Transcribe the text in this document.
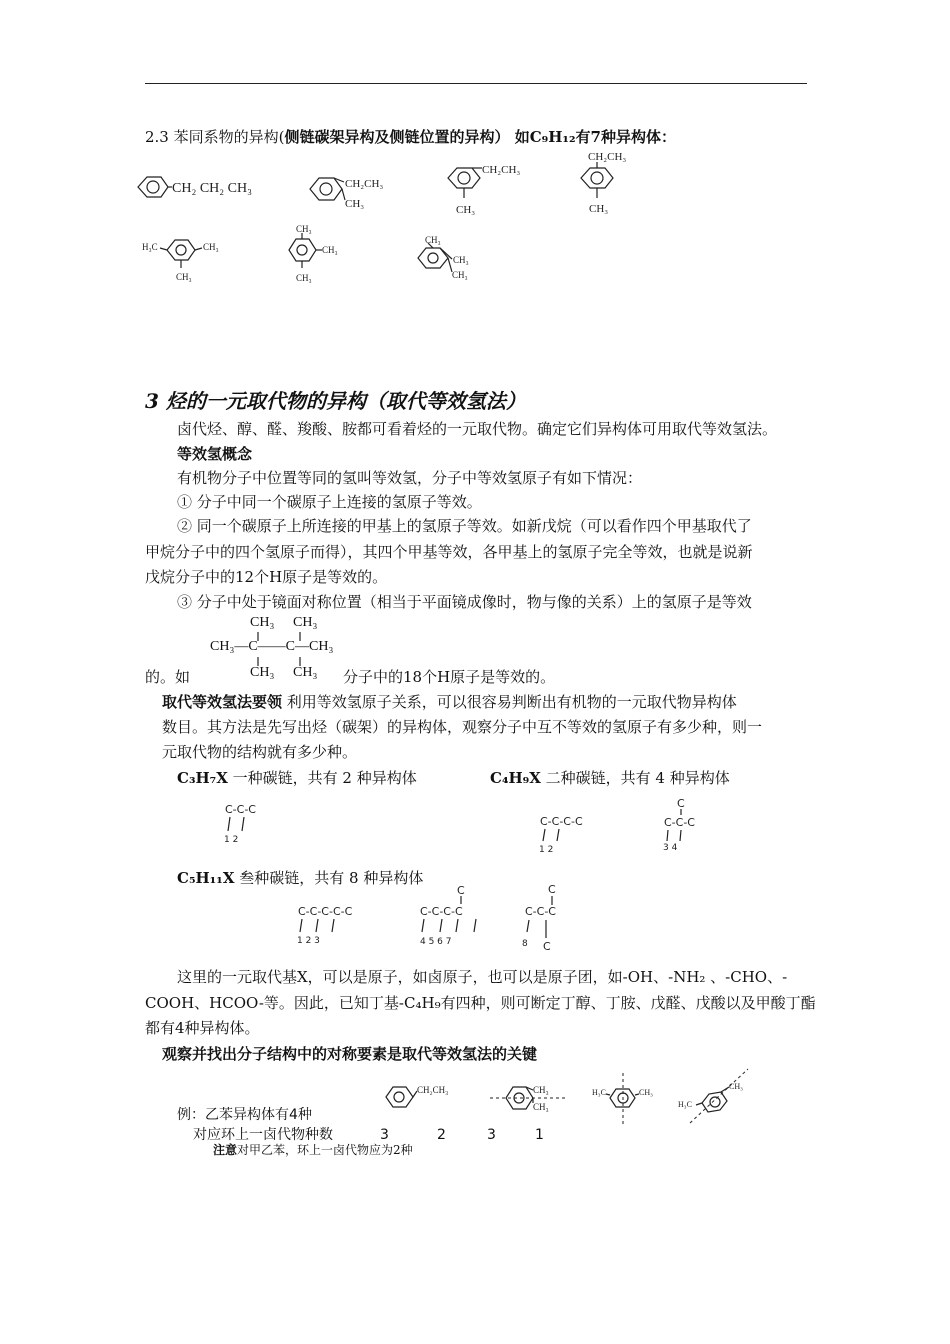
2.3 苯同系物的异构(侧链碳架异构及侧链位置的异构） 如C₉H₁₂有7种异构体：
CH₂ CH₂ CH₃	CH₂CH₃
CH₃
CH₂CH₃
CH₃
CH₂CH₃
CH₃
H₃C	CH₃
CH₃
CH₃
CH₃
CH₃
CH₃
CH₃
CH₃
3 烃的一元取代物的异构（取代等效氢法）
卤代烃、醇、醛、羧酸、胺都可看着烃的一元取代物。确定它们异构体可用取代等效氢法。
等效氢概念
有机物分子中位置等同的氢叫等效氢，分子中等效氢原子有如下情况：
① 分子中同一个碳原子上连接的氢原子等效。
② 同一个碳原子上所连接的甲基上的氢原子等效。如新戊烷（可以看作四个甲基取代了
甲烷分子中的四个氢原子而得），其四个甲基等效，各甲基上的氢原子完全等效，也就是说新
戊烷分子中的12个H原子是等效的。
③ 分子中处于镜面对称位置（相当于平面镜成像时，物与像的关系）上的氢原子是等效
CH₃ CH₃
CH₃—C——C—CH₃
CH₃ CH₃
的。如	分子中的18个H原子是等效的。
取代等效氢法要领 利用等效氢原子关系，可以很容易判断出有机物的一元取代物异构体
数目。其方法是先写出烃（碳架）的异构体，观察分子中互不等效的氢原子有多少种，则一
元取代物的结构就有多少种。
C₃H₇X 一种碳链，共有 2 种异构体	C₄H₉X 二种碳链，共有 4 种异构体
C-C-C
1 2
C-C-C-C
1 2
C
C-C-C
3 4
C₅H₁₁X 叁种碳链，共有 8 种异构体
C-C-C-C-C
1 2 3
C
C-C-C-C
4 5 6 7
C
C-C-C
C
8
这里的一元取代基X，可以是原子，如卤原子，也可以是原子团，如-OH、-NH₂ 、-CHO、-
COOH、HCOO-等。因此，已知丁基-C₄H₉有四种，则可断定丁醇、丁胺、戊醛、戊酸以及甲酸丁酯
都有4种异构体。
观察并找出分子结构中的对称要素是取代等效氢法的关键
CH₂CH₃	CH₃
CH₃
H₃C	CH₃
H₃C
CH₃
例：乙苯异构体有4种
对应环上一卤代物种数	3	2	3	1
注意对甲乙苯，环上一卤代物应为2种
